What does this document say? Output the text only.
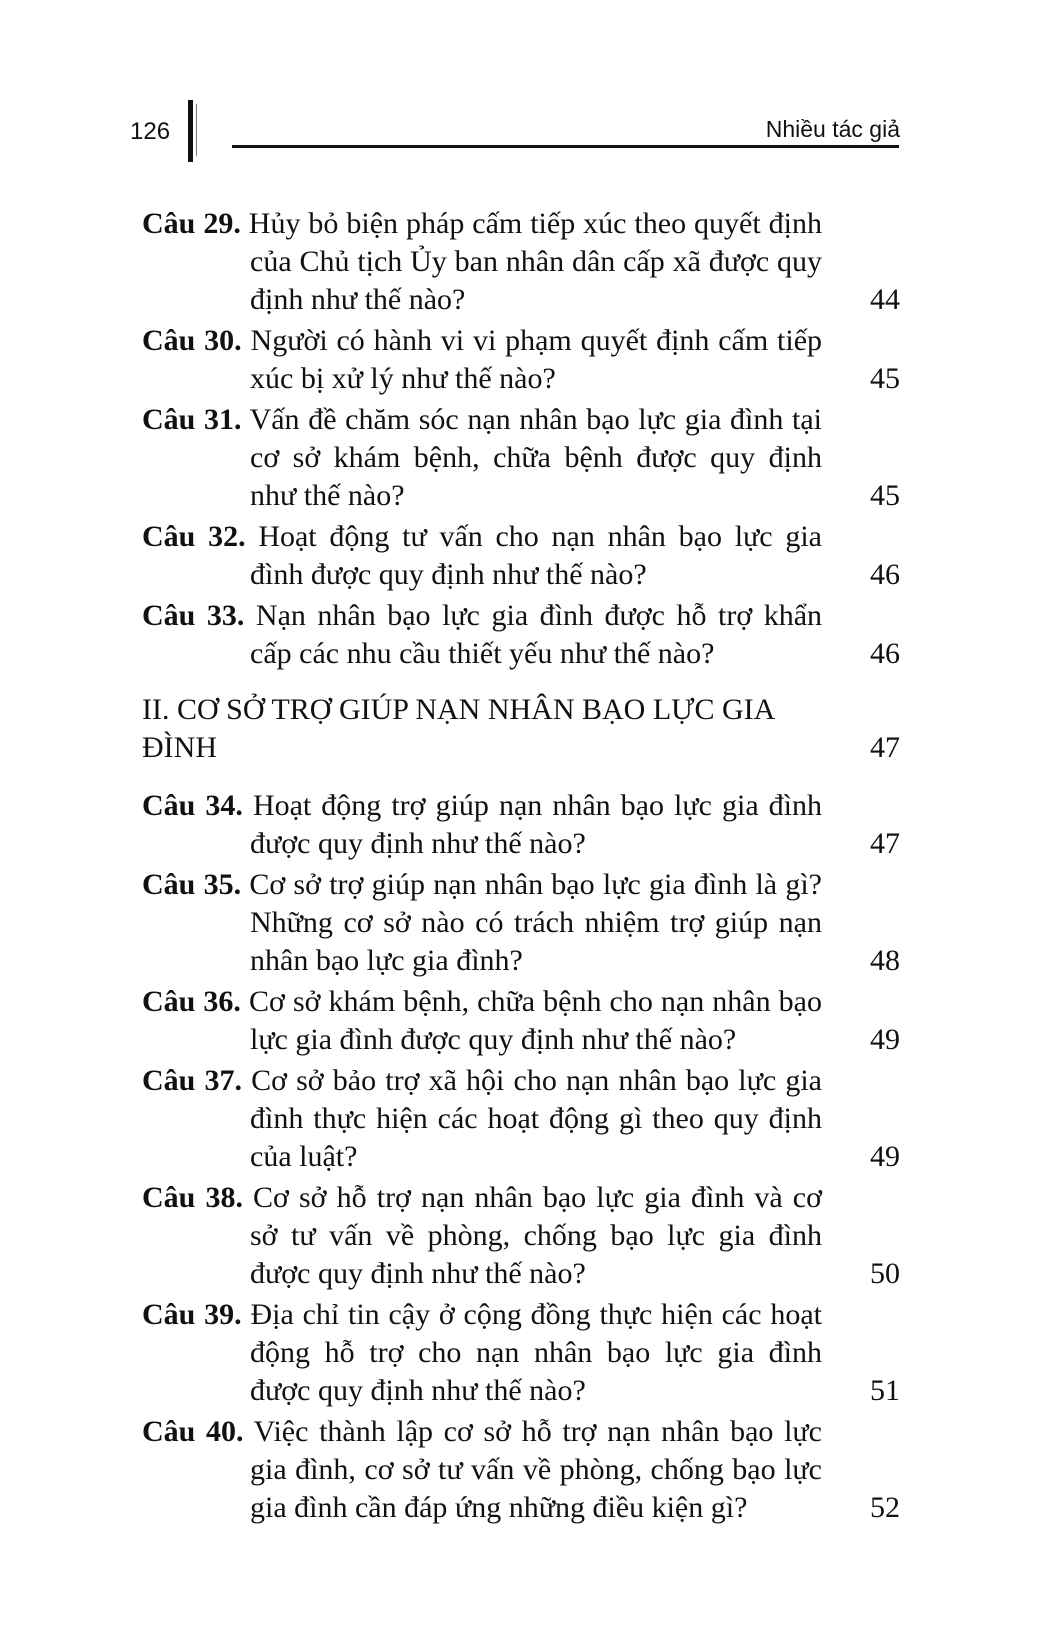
126	Nhiều tác giả
Câu 29. Hủy bỏ biện pháp cấm tiếp xúc theo quyết định của Chủ tịch Ủy ban nhân dân cấp xã được quy định như thế nào?	44
Câu 30. Người có hành vi vi phạm quyết định cấm tiếp xúc bị xử lý như thế nào?	45
Câu 31. Vấn đề chăm sóc nạn nhân bạo lực gia đình tại cơ sở khám bệnh, chữa bệnh được quy định như thế nào?	45
Câu 32. Hoạt động tư vấn cho nạn nhân bạo lực gia đình được quy định như thế nào?	46
Câu 33. Nạn nhân bạo lực gia đình được hỗ trợ khẩn cấp các nhu cầu thiết yếu như thế nào?	46
II. CƠ SỞ TRỢ GIÚP NẠN NHÂN BẠO LỰC GIA ĐÌNH	47
Câu 34. Hoạt động trợ giúp nạn nhân bạo lực gia đình được quy định như thế nào?	47
Câu 35. Cơ sở trợ giúp nạn nhân bạo lực gia đình là gì? Những cơ sở nào có trách nhiệm trợ giúp nạn nhân bạo lực gia đình?	48
Câu 36. Cơ sở khám bệnh, chữa bệnh cho nạn nhân bạo lực gia đình được quy định như thế nào?	49
Câu 37. Cơ sở bảo trợ xã hội cho nạn nhân bạo lực gia đình thực hiện các hoạt động gì theo quy định của luật?	49
Câu 38. Cơ sở hỗ trợ nạn nhân bạo lực gia đình và cơ sở tư vấn về phòng, chống bạo lực gia đình được quy định như thế nào?	50
Câu 39. Địa chỉ tin cậy ở cộng đồng thực hiện các hoạt động hỗ trợ cho nạn nhân bạo lực gia đình được quy định như thế nào?	51
Câu 40. Việc thành lập cơ sở hỗ trợ nạn nhân bạo lực gia đình, cơ sở tư vấn về phòng, chống bạo lực gia đình cần đáp ứng những điều kiện gì?	52
